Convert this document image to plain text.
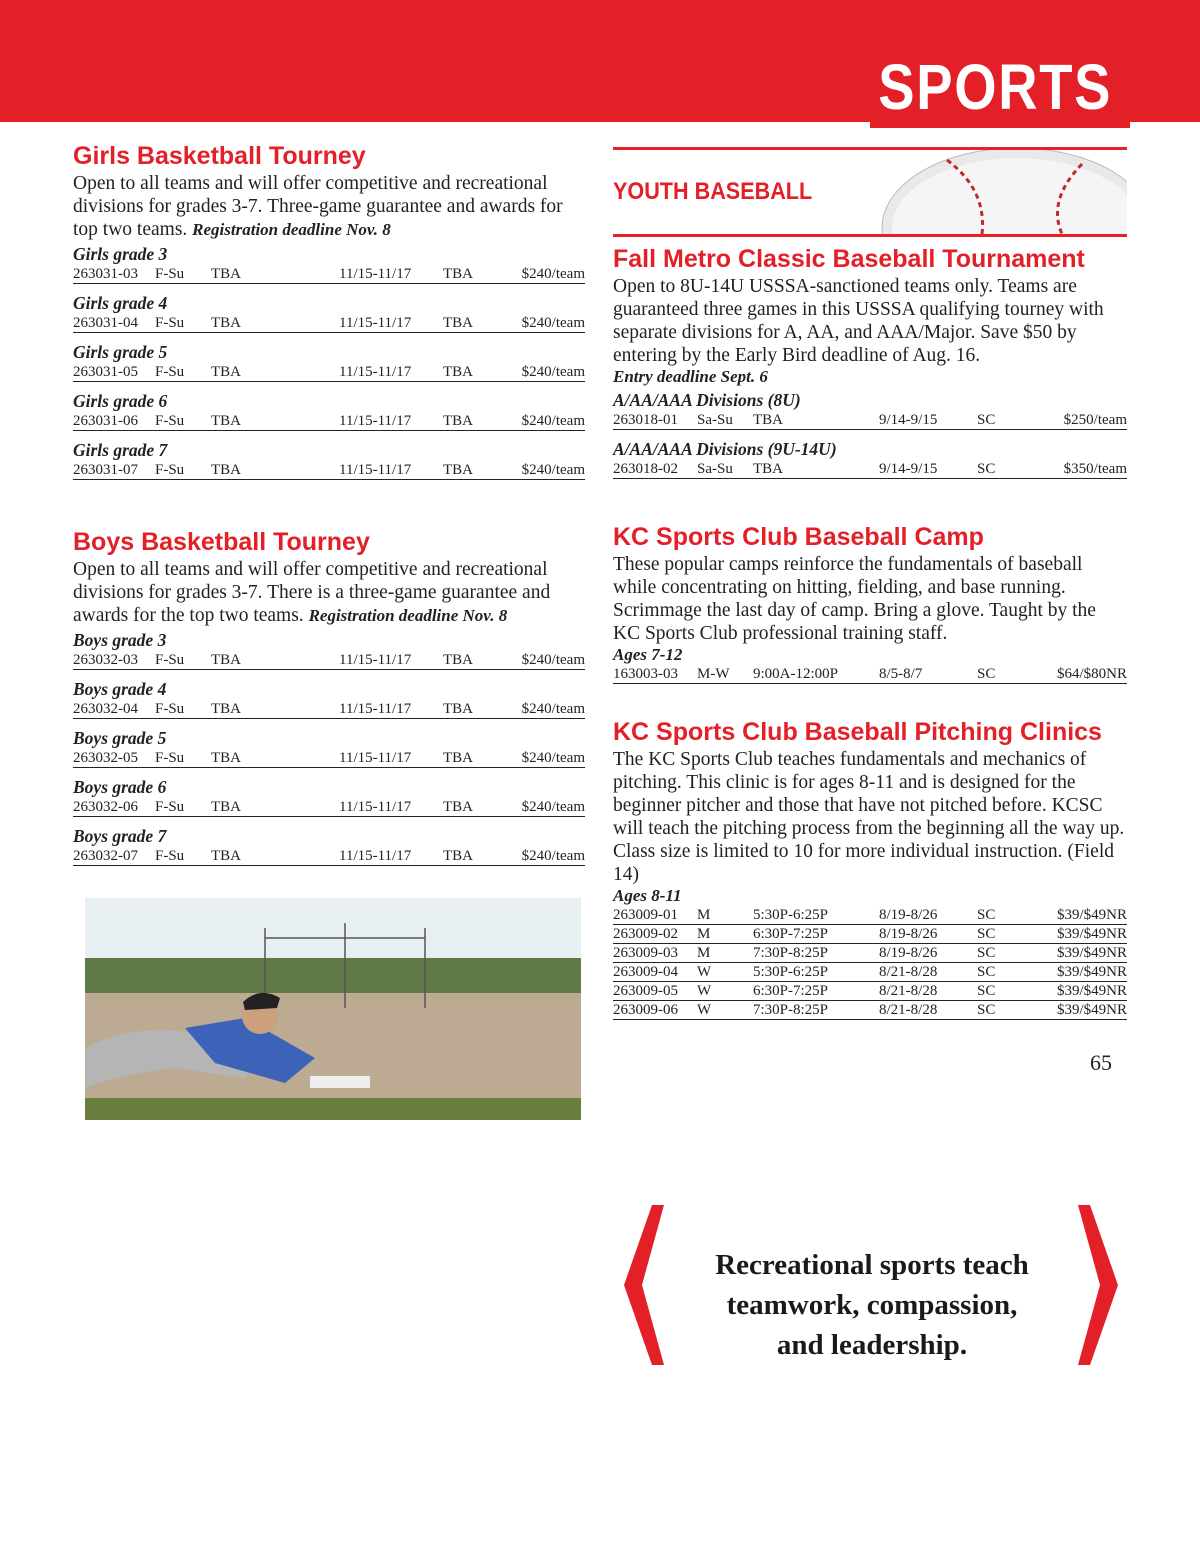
SPORTS
Girls Basketball Tourney

Open to all teams and will offer competitive and recreational divisions for grades 3-7. Three-game guarantee and awards for top two teams. Registration deadline Nov. 8

Girls grade 3
263031-03	F-Su	TBA	11/15-11/17	TBA	$240/team
Girls grade 4
263031-04	F-Su	TBA	11/15-11/17	TBA	$240/team
Girls grade 5
263031-05	F-Su	TBA	11/15-11/17	TBA	$240/team
Girls grade 6
263031-06	F-Su	TBA	11/15-11/17	TBA	$240/team
Girls grade 7
263031-07	F-Su	TBA	11/15-11/17	TBA	$240/team
Boys Basketball Tourney

Open to all teams and will offer competitive and recreational divisions for grades 3-7. There is a three-game guarantee and awards for the top two teams. Registration deadline Nov. 8

Boys grade 3
263032-03	F-Su	TBA	11/15-11/17	TBA	$240/team
Boys grade 4
263032-04	F-Su	TBA	11/15-11/17	TBA	$240/team
Boys grade 5
263032-05	F-Su	TBA	11/15-11/17	TBA	$240/team
Boys grade 6
263032-06	F-Su	TBA	11/15-11/17	TBA	$240/team
Boys grade 7
263032-07	F-Su	TBA	11/15-11/17	TBA	$240/team
YOUTH BASEBALL
Fall Metro Classic Baseball Tournament

Open to 8U-14U USSSA-sanctioned teams only. Teams are guaranteed three games in this USSSA qualifying tourney with separate divisions for A, AA, and AAA/Major. Save $50 by entering by the Early Bird deadline of Aug. 16.

Entry deadline Sept. 6
A/AA/AAA Divisions (8U)
263018-01	Sa-Su	TBA	9/14-9/15	SC	$250/team
A/AA/AAA Divisions (9U-14U)
263018-02	Sa-Su	TBA	9/14-9/15	SC	$350/team
KC Sports Club Baseball Camp

These popular camps reinforce the fundamentals of baseball while concentrating on hitting, fielding, and base running. Scrimmage the last day of camp. Bring a glove. Taught by the KC Sports Club professional training staff.

Ages 7-12
163003-03	M-W	9:00A-12:00P	8/5-8/7	SC	$64/$80NR
KC Sports Club Baseball Pitching Clinics

The KC Sports Club teaches fundamentals and mechanics of pitching. This clinic is for ages 8-11 and is designed for the beginner pitcher and those that have not pitched before. KCSC will teach the pitching process from the beginning all the way up. Class size is limited to 10 for more individual instruction. (Field 14)

Ages 8-11
263009-01	M	5:30P-6:25P	8/19-8/26	SC	$39/$49NR
263009-02	M	6:30P-7:25P	8/19-8/26	SC	$39/$49NR
263009-03	M	7:30P-8:25P	8/19-8/26	SC	$39/$49NR
263009-04	W	5:30P-6:25P	8/21-8/28	SC	$39/$49NR
263009-05	W	6:30P-7:25P	8/21-8/28	SC	$39/$49NR
263009-06	W	7:30P-8:25P	8/21-8/28	SC	$39/$49NR
Recreational sports teach teamwork, compassion, and leadership.
65
